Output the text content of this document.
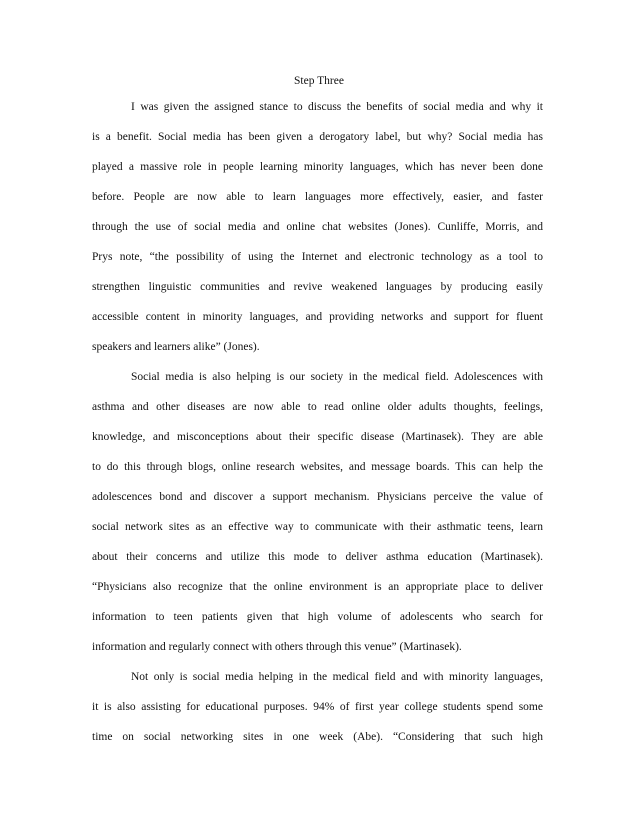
Step Three
I was given the assigned stance to discuss the benefits of social media and why it
is a benefit. Social media has been given a derogatory label, but why? Social media has
played a massive role in people learning minority languages, which has never been done
before. People are now able to learn languages more effectively, easier, and faster
through the use of social media and online chat websites (Jones). Cunliffe, Morris, and
Prys note, “the possibility of using the Internet and electronic technology as a tool to
strengthen linguistic communities and revive weakened languages by producing easily
accessible content in minority languages, and providing networks and support for fluent
speakers and learners alike” (Jones).
Social media is also helping is our society in the medical field. Adolescences with
asthma and other diseases are now able to read online older adults thoughts, feelings,
knowledge, and misconceptions about their specific disease (Martinasek). They are able
to do this through blogs, online research websites, and message boards. This can help the
adolescences bond and discover a support mechanism. Physicians perceive the value of
social network sites as an effective way to communicate with their asthmatic teens, learn
about their concerns and utilize this mode to deliver asthma education (Martinasek).
“Physicians also recognize that the online environment is an appropriate place to deliver
information to teen patients given that high volume of adolescents who search for
information and regularly connect with others through this venue” (Martinasek).
Not only is social media helping in the medical field and with minority languages,
it is also assisting for educational purposes. 94% of first year college students spend some
time on social networking sites in one week (Abe). “Considering that such high
